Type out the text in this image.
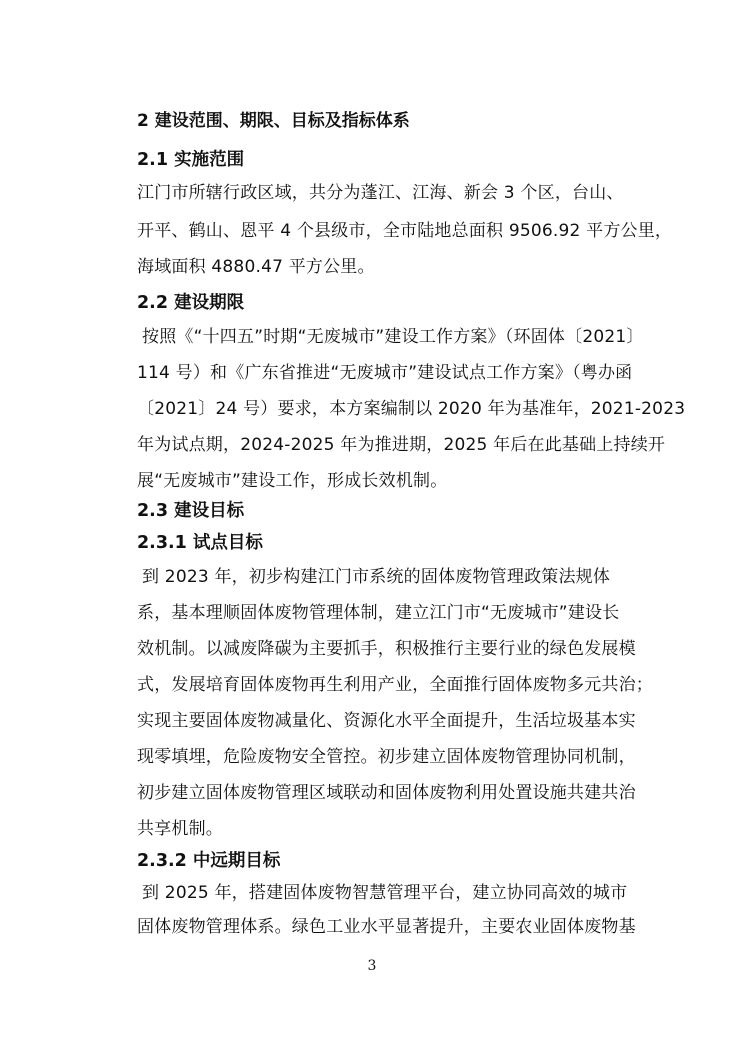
2 建设范围、期限、目标及指标体系
2.1 实施范围
江门市所辖行政区域，共分为蓬江、江海、新会 3 个区，台山、
开平、鹤山、恩平 4 个县级市，全市陆地总面积 9506.92 平方公里，
海域面积 4880.47 平方公里。
2.2 建设期限
按照《“十四五”时期“无废城市”建设工作方案》（环固体〔2021〕
114 号）和《广东省推进“无废城市”建设试点工作方案》（粤办函
〔2021〕24 号）要求，本方案编制以 2020 年为基准年，2021-2023
年为试点期，2024-2025 年为推进期，2025 年后在此基础上持续开
展“无废城市”建设工作，形成长效机制。
2.3 建设目标
2.3.1 试点目标
到 2023 年，初步构建江门市系统的固体废物管理政策法规体
系，基本理顺固体废物管理体制，建立江门市“无废城市”建设长
效机制。以减废降碳为主要抓手，积极推行主要行业的绿色发展模
式，发展培育固体废物再生利用产业，全面推行固体废物多元共治；
实现主要固体废物减量化、资源化水平全面提升，生活垃圾基本实
现零填埋，危险废物安全管控。初步建立固体废物管理协同机制，
初步建立固体废物管理区域联动和固体废物利用处置设施共建共治
共享机制。
2.3.2 中远期目标
到 2025 年，搭建固体废物智慧管理平台，建立协同高效的城市
固体废物管理体系。绿色工业水平显著提升，主要农业固体废物基
3
